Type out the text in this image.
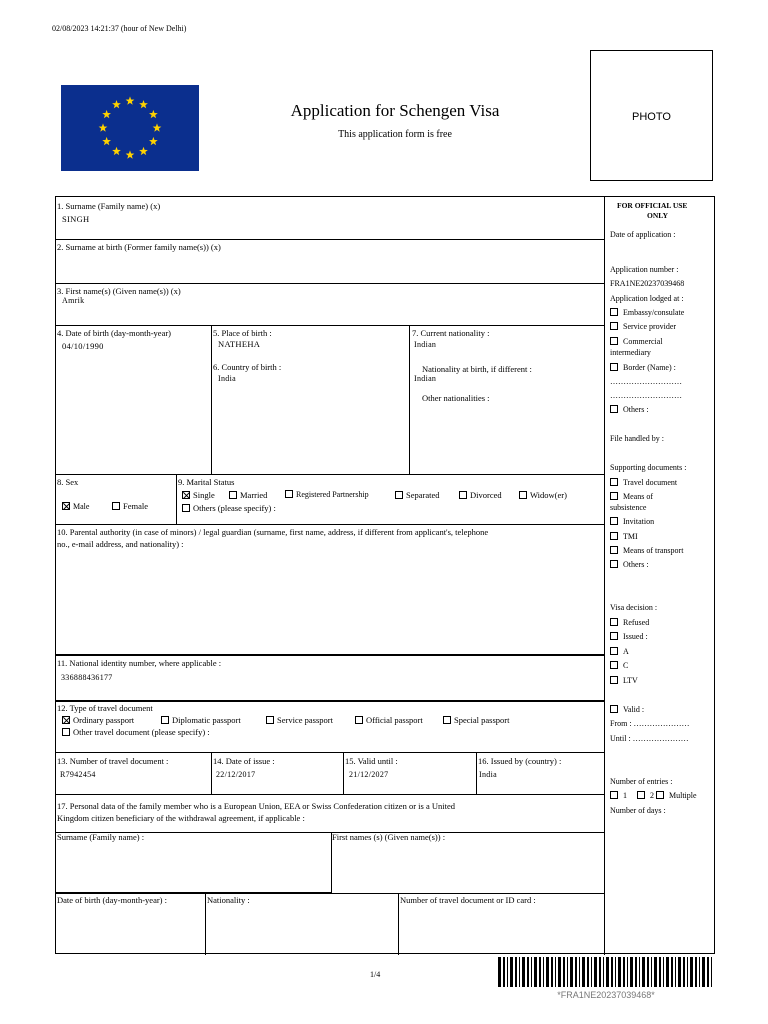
02/08/2023 14:21:37 (hour of New Delhi)
Application for Schengen Visa
This application form is free
PHOTO
1. Surname (Family name) (x)
SINGH
2. Surname at birth (Former family name(s)) (x)
3. First name(s) (Given name(s)) (x)
Amrik
4. Date of birth (day-month-year)
04/10/1990
5. Place of birth :
NATHEHA
6. Country of birth :
India
7. Current nationality :
Indian
Nationality at birth, if different :
Indian
Other nationalities :
8. Sex
Male	Female
9. Marital Status
Single	Married	Registered Partnership	Separated	Divorced	Widow(er)
Others (please specify) :
10. Parental authority (in case of minors) / legal guardian (surname, first name, address, if different from applicant's, telephone
no., e-mail address, and nationality) :
11. National identity number, where applicable :
336888436177
12. Type of travel document
Ordinary passport	Diplomatic passport	Service passport	Official passport	Special passport
Other travel document (please specify) :
13. Number of travel document :
R7942454
14. Date of issue :
22/12/2017
15. Valid until :
21/12/2027
16. Issued by (country) :
India
17. Personal data of the family member who is a European Union, EEA or Swiss Confederation citizen or is a United
Kingdom citizen beneficiary of the withdrawal agreement, if applicable :
Surname (Family name) :	First names (s) (Given name(s)) :
Date of birth (day-month-year) :	Nationality :	Number of travel document or ID card :
FOR OFFICIAL USE
ONLY
Date of application :
Application number :
FRA1NE20237039468
Application lodged at :
Embassy/consulate
Service provider
Commercial
intermediary
Border (Name) :
………………………
………………………
Others :
File handled by :
Supporting documents :
Travel document
Means of
subsistence
Invitation
TMI
Means of transport
Others :
Visa decision :
Refused
Issued :
A
C
LTV
Valid :
From : …………………
Until : …………………
Number of entries :
1	2 Multiple
Number of days :
1/4
*FRA1NE20237039468*
